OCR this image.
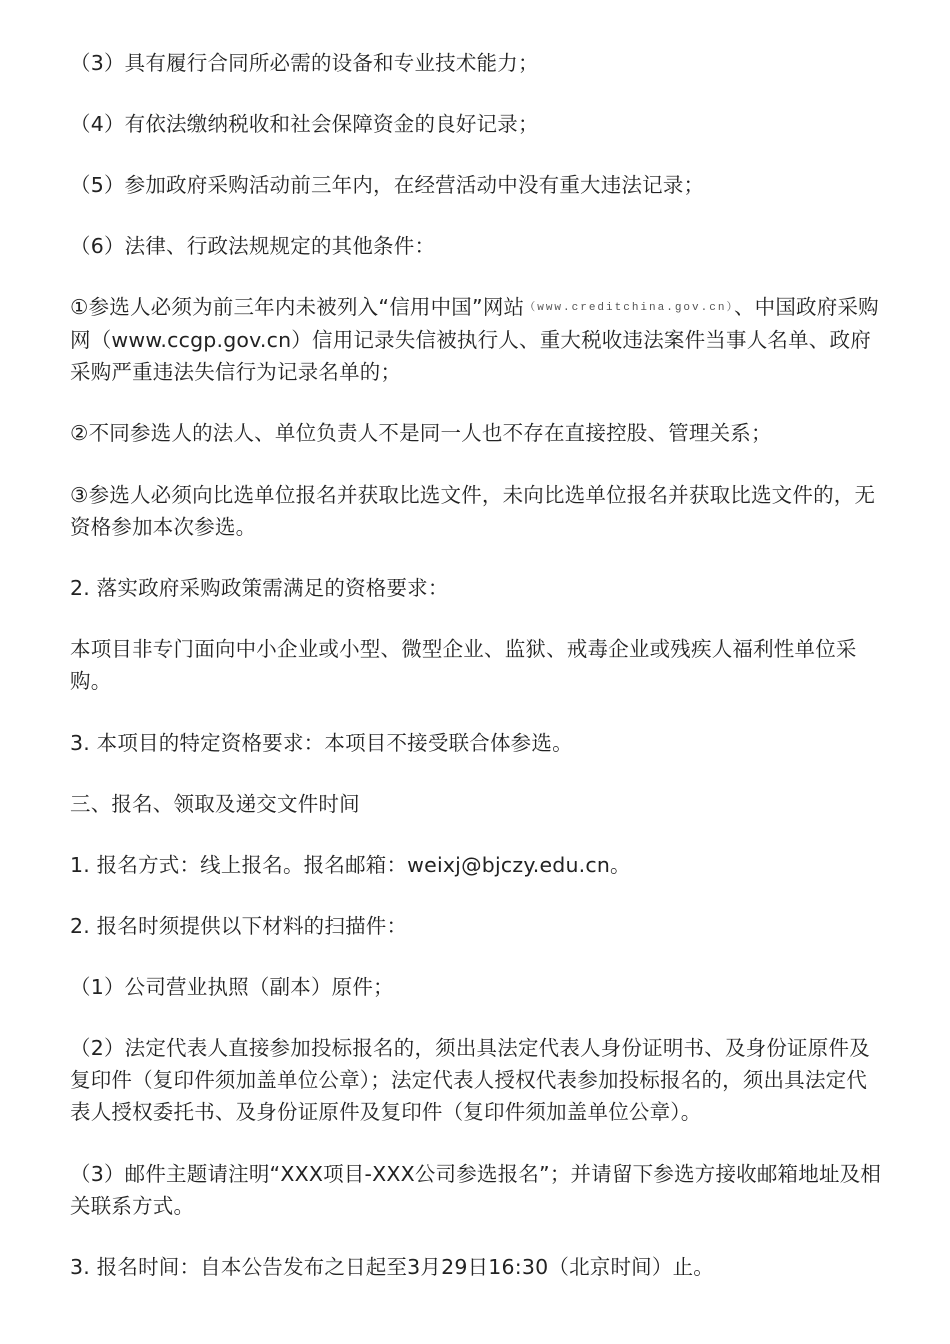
（3）具有履行合同所必需的设备和专业技术能力；

（4）有依法缴纳税收和社会保障资金的良好记录；

（5）参加政府采购活动前三年内，在经营活动中没有重大违法记录；

（6）法律、行政法规规定的其他条件：

①参选人必须为前三年内未被列入“信用中国”网站（www.creditchina.gov.cn）、中国政府采购网（www.ccgp.gov.cn）信用记录失信被执行人、重大税收违法案件当事人名单、政府采购严重违法失信行为记录名单的；

②不同参选人的法人、单位负责人不是同一人也不存在直接控股、管理关系；

③参选人必须向比选单位报名并获取比选文件，未向比选单位报名并获取比选文件的，无资格参加本次参选。

2. 落实政府采购政策需满足的资格要求：

本项目非专门面向中小企业或小型、微型企业、监狱、戒毒企业或残疾人福利性单位采购。

3. 本项目的特定资格要求：本项目不接受联合体参选。

三、报名、领取及递交文件时间

1. 报名方式：线上报名。报名邮箱：weixj@bjczy.edu.cn。

2. 报名时须提供以下材料的扫描件：

（1）公司营业执照（副本）原件；

（2）法定代表人直接参加投标报名的，须出具法定代表人身份证明书、及身份证原件及复印件（复印件须加盖单位公章）；法定代表人授权代表参加投标报名的，须出具法定代表人授权委托书、及身份证原件及复印件（复印件须加盖单位公章）。

（3）邮件主题请注明“XXX项目-XXX公司参选报名”；并请留下参选方接收邮箱地址及相关联系方式。

3. 报名时间：自本公告发布之日起至3月29日16:30（北京时间）止。
